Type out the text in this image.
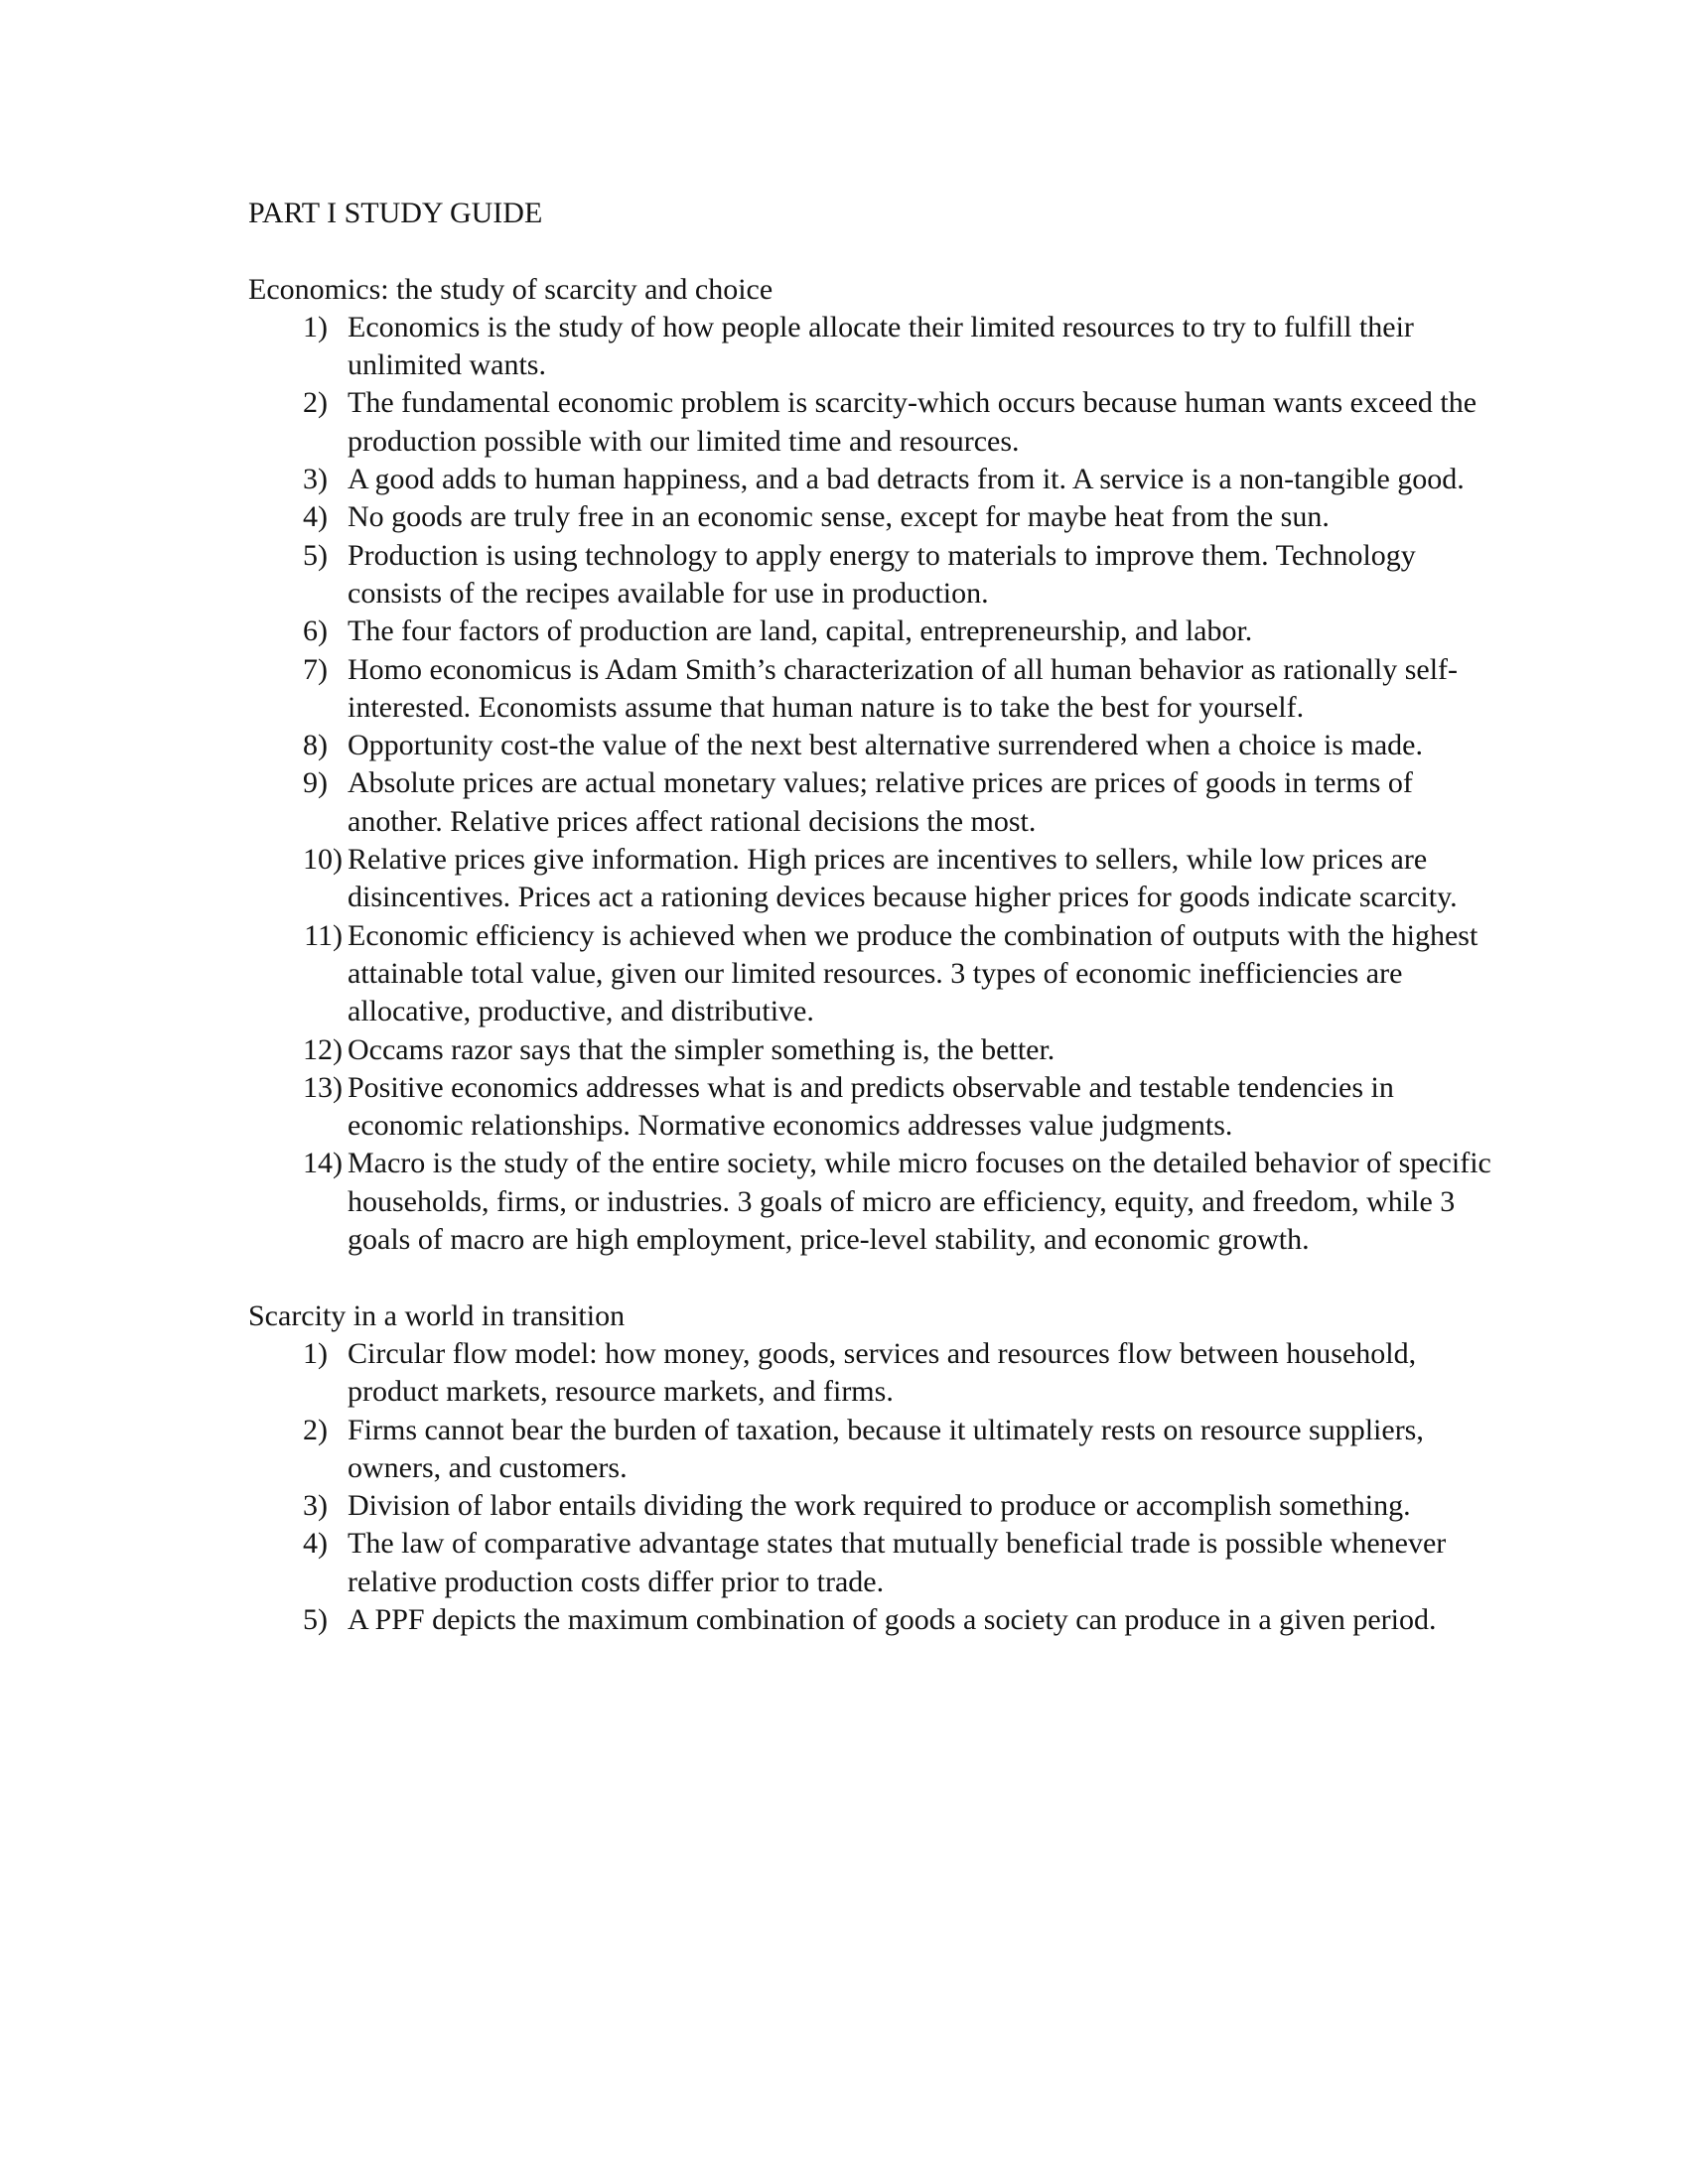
PART I STUDY GUIDE
Economics: the study of scarcity and choice
1) Economics is the study of how people allocate their limited resources to try to fulfill their unlimited wants.
2) The fundamental economic problem is scarcity-which occurs because human wants exceed the production possible with our limited time and resources.
3) A good adds to human happiness, and a bad detracts from it. A service is a non-tangible good.
4) No goods are truly free in an economic sense, except for maybe heat from the sun.
5) Production is using technology to apply energy to materials to improve them. Technology consists of the recipes available for use in production.
6) The four factors of production are land, capital, entrepreneurship, and labor.
7) Homo economicus is Adam Smith’s characterization of all human behavior as rationally self-interested. Economists assume that human nature is to take the best for yourself.
8) Opportunity cost-the value of the next best alternative surrendered when a choice is made.
9) Absolute prices are actual monetary values; relative prices are prices of goods in terms of another. Relative prices affect rational decisions the most.
10) Relative prices give information. High prices are incentives to sellers, while low prices are disincentives. Prices act a rationing devices because higher prices for goods indicate scarcity.
11) Economic efficiency is achieved when we produce the combination of outputs with the highest attainable total value, given our limited resources. 3 types of economic inefficiencies are allocative, productive, and distributive.
12) Occams razor says that the simpler something is, the better.
13) Positive economics addresses what is and predicts observable and testable tendencies in economic relationships. Normative economics addresses value judgments.
14) Macro is the study of the entire society, while micro focuses on the detailed behavior of specific households, firms, or industries. 3 goals of micro are efficiency, equity, and freedom, while 3 goals of macro are high employment, price-level stability, and economic growth.
Scarcity in a world in transition
1) Circular flow model: how money, goods, services and resources flow between household, product markets, resource markets, and firms.
2) Firms cannot bear the burden of taxation, because it ultimately rests on resource suppliers, owners, and customers.
3) Division of labor entails dividing the work required to produce or accomplish something.
4) The law of comparative advantage states that mutually beneficial trade is possible whenever relative production costs differ prior to trade.
5) A PPF depicts the maximum combination of goods a society can produce in a given period.
